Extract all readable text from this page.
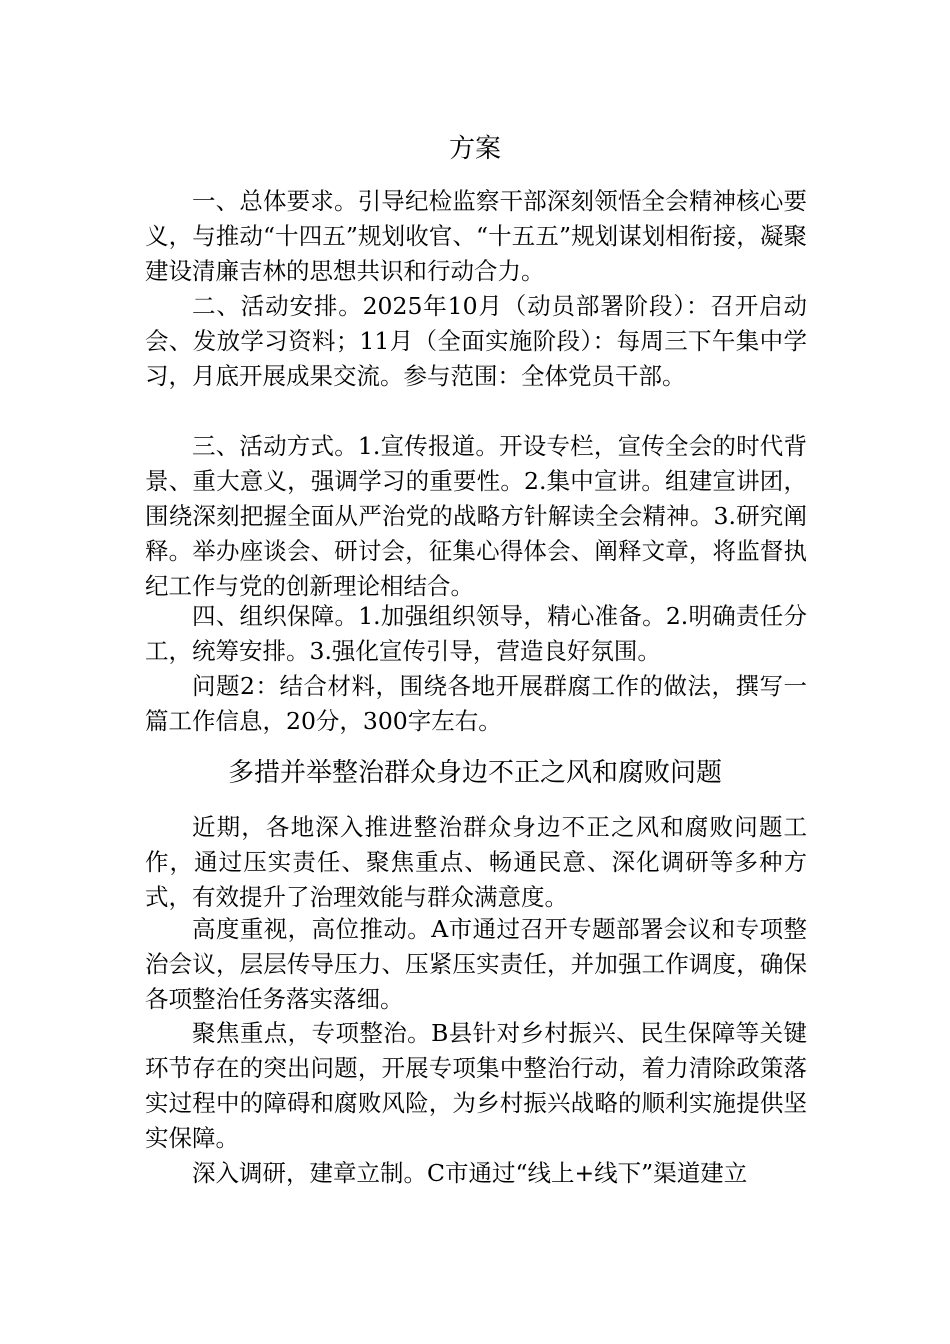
方案

一、总体要求。引导纪检监察干部深刻领悟全会精神核心要义，与推动“十四五”规划收官、“十五五”规划谋划相衔接，凝聚建设清廉吉林的思想共识和行动合力。

二、活动安排。2025年10月（动员部署阶段）：召开启动会、发放学习资料；11月（全面实施阶段）：每周三下午集中学习，月底开展成果交流。参与范围：全体党员干部。

三、活动方式。1.宣传报道。开设专栏，宣传全会的时代背景、重大意义，强调学习的重要性。2.集中宣讲。组建宣讲团，围绕深刻把握全面从严治党的战略方针解读全会精神。3.研究阐释。举办座谈会、研讨会，征集心得体会、阐释文章，将监督执纪工作与党的创新理论相结合。

四、组织保障。1.加强组织领导，精心准备。2.明确责任分工，统筹安排。3.强化宣传引导，营造良好氛围。

问题2：结合材料，围绕各地开展群腐工作的做法，撰写一篇工作信息，20分，300字左右。

多措并举整治群众身边不正之风和腐败问题

近期，各地深入推进整治群众身边不正之风和腐败问题工作，通过压实责任、聚焦重点、畅通民意、深化调研等多种方式，有效提升了治理效能与群众满意度。

高度重视，高位推动。A市通过召开专题部署会议和专项整治会议，层层传导压力、压紧压实责任，并加强工作调度，确保各项整治任务落实落细。

聚焦重点，专项整治。B县针对乡村振兴、民生保障等关键环节存在的突出问题，开展专项集中整治行动，着力清除政策落实过程中的障碍和腐败风险，为乡村振兴战略的顺利实施提供坚实保障。

深入调研，建章立制。C市通过“线上+线下”渠道建立
